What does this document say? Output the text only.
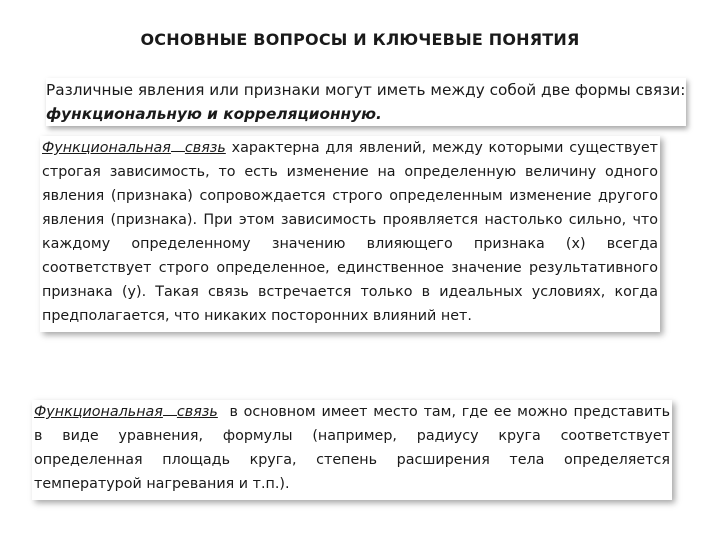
ОСНОВНЫЕ ВОПРОСЫ И КЛЮЧЕВЫЕ ПОНЯТИЯ
Различные явления или признаки могут иметь между собой две формы связи: функциональную и корреляционную.
Функциональная связь характерна для явлений, между которыми существует строгая зависимость, то есть изменение на определенную величину одного явления (признака) сопровождается строго определенным изменение другого явления (признака). При этом зависимость проявляется настолько сильно, что каждому определенному значению влияющего признака (х) всегда соответствует строго определенное, единственное значение результативного признака (у). Такая связь встречается только в идеальных условиях, когда предполагается, что никаких посторонних влияний нет.
Функциональная связь в основном имеет место там, где ее можно представить в виде уравнения, формулы (например, радиусу круга соответствует определенная площадь круга, степень расширения тела определяется температурой нагревания и т.п.).
